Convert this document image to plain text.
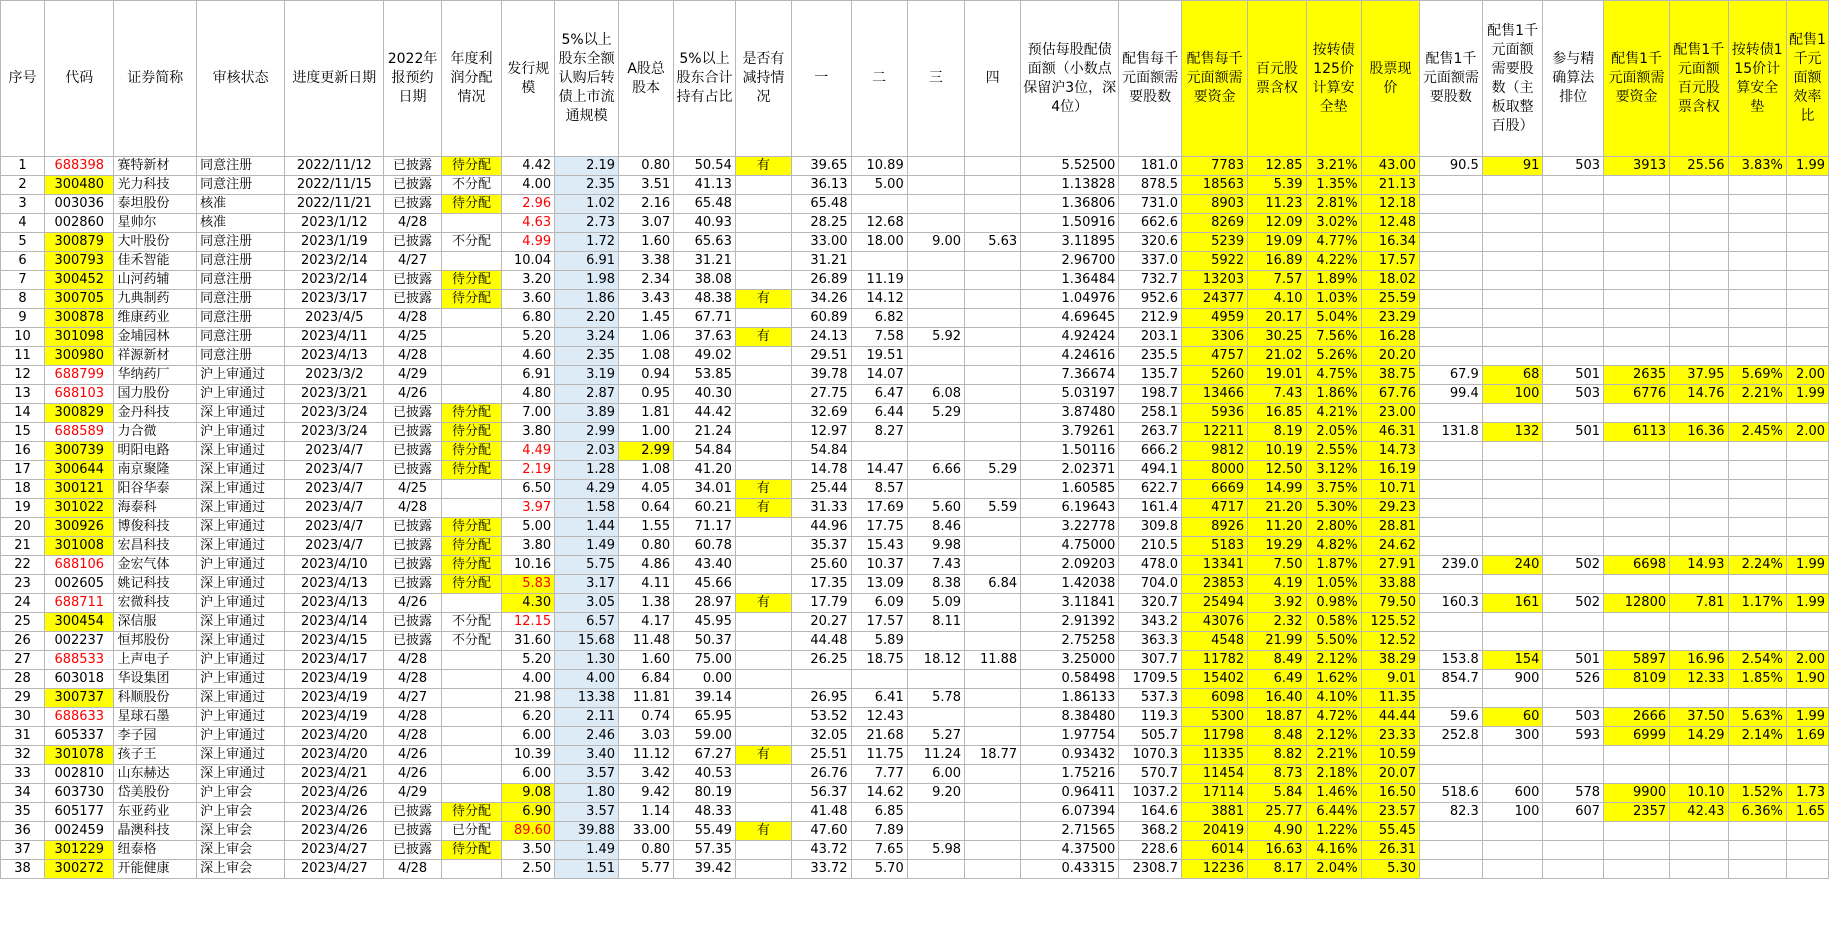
序号	代码	证券简称	审核状态	进度更新日期	2022年报预约日期	年度利润分配情况	发行规模	5%以上股东全额认购后转债上市流通规模	A股总股本	5%以上股东合计持有占比	是否有减持情况	一	二	三	四	预估每股配债面额（小数点保留沪3位，深4位）	配售每千元面额需要股数	配售每千元面额需要资金	百元股票含权	按转债125价计算安全垫	股票现价	配售1千元面额需要股数	配售1千元面额需要股数（主板取整百股）	参与精确算法排位	配售1千元面额需要资金	配售1千元面额百元股票含权	按转债115价计算安全垫	配售1千元面额效率比
1	688398	赛特新材	同意注册	2022/11/12	已披露	待分配	4.42	2.19	0.80	50.54	有	39.65	10.89			5.52500	181.0	7783	12.85	3.21%	43.00	90.5	91	503	3913	25.56	3.83%	1.99
2	300480	光力科技	同意注册	2022/11/15	已披露	不分配	4.00	2.35	3.51	41.13		36.13	5.00			1.13828	878.5	18563	5.39	1.35%	21.13							
3	003036	泰坦股份	核准	2022/11/21	已披露	待分配	2.96	1.02	2.16	65.48		65.48				1.36806	731.0	8903	11.23	2.81%	12.18							
4	002860	星帅尔	核准	2023/1/12	4/28		4.63	2.73	3.07	40.93		28.25	12.68			1.50916	662.6	8269	12.09	3.02%	12.48							
5	300879	大叶股份	同意注册	2023/1/19	已披露	不分配	4.99	1.72	1.60	65.63		33.00	18.00	9.00	5.63	3.11895	320.6	5239	19.09	4.77%	16.34							
6	300793	佳禾智能	同意注册	2023/2/14	4/27		10.04	6.91	3.38	31.21		31.21				2.96700	337.0	5922	16.89	4.22%	17.57							
7	300452	山河药辅	同意注册	2023/2/14	已披露	待分配	3.20	1.98	2.34	38.08		26.89	11.19			1.36484	732.7	13203	7.57	1.89%	18.02							
8	300705	九典制药	同意注册	2023/3/17	已披露	待分配	3.60	1.86	3.43	48.38	有	34.26	14.12			1.04976	952.6	24377	4.10	1.03%	25.59							
9	300878	维康药业	同意注册	2023/4/5	4/28		6.80	2.20	1.45	67.71		60.89	6.82			4.69645	212.9	4959	20.17	5.04%	23.29							
10	301098	金埔园林	同意注册	2023/4/11	4/25		5.20	3.24	1.06	37.63	有	24.13	7.58	5.92		4.92424	203.1	3306	30.25	7.56%	16.28							
11	300980	祥源新材	同意注册	2023/4/13	4/28		4.60	2.35	1.08	49.02		29.51	19.51			4.24616	235.5	4757	21.02	5.26%	20.20							
12	688799	华纳药厂	沪上审通过	2023/3/2	4/29		6.91	3.19	0.94	53.85		39.78	14.07			7.36674	135.7	5260	19.01	4.75%	38.75	67.9	68	501	2635	37.95	5.69%	2.00
13	688103	国力股份	沪上审通过	2023/3/21	4/26		4.80	2.87	0.95	40.30		27.75	6.47	6.08		5.03197	198.7	13466	7.43	1.86%	67.76	99.4	100	503	6776	14.76	2.21%	1.99
14	300829	金丹科技	深上审通过	2023/3/24	已披露	待分配	7.00	3.89	1.81	44.42		32.69	6.44	5.29		3.87480	258.1	5936	16.85	4.21%	23.00							
15	688589	力合微	沪上审通过	2023/3/24	已披露	待分配	3.80	2.99	1.00	21.24		12.97	8.27			3.79261	263.7	12211	8.19	2.05%	46.31	131.8	132	501	6113	16.36	2.45%	2.00
16	300739	明阳电路	深上审通过	2023/4/7	已披露	待分配	4.49	2.03	2.99	54.84		54.84				1.50116	666.2	9812	10.19	2.55%	14.73							
17	300644	南京聚隆	深上审通过	2023/4/7	已披露	待分配	2.19	1.28	1.08	41.20		14.78	14.47	6.66	5.29	2.02371	494.1	8000	12.50	3.12%	16.19							
18	300121	阳谷华泰	深上审通过	2023/4/7	4/25		6.50	4.29	4.05	34.01	有	25.44	8.57			1.60585	622.7	6669	14.99	3.75%	10.71							
19	301022	海泰科	深上审通过	2023/4/7	4/28		3.97	1.58	0.64	60.21	有	31.33	17.69	5.60	5.59	6.19643	161.4	4717	21.20	5.30%	29.23							
20	300926	博俊科技	深上审通过	2023/4/7	已披露	待分配	5.00	1.44	1.55	71.17		44.96	17.75	8.46		3.22778	309.8	8926	11.20	2.80%	28.81							
21	301008	宏昌科技	深上审通过	2023/4/7	已披露	待分配	3.80	1.49	0.80	60.78		35.37	15.43	9.98		4.75000	210.5	5183	19.29	4.82%	24.62							
22	688106	金宏气体	沪上审通过	2023/4/10	已披露	待分配	10.16	5.75	4.86	43.40		25.60	10.37	7.43		2.09203	478.0	13341	7.50	1.87%	27.91	239.0	240	502	6698	14.93	2.24%	1.99
23	002605	姚记科技	深上审通过	2023/4/13	已披露	待分配	5.83	3.17	4.11	45.66		17.35	13.09	8.38	6.84	1.42038	704.0	23853	4.19	1.05%	33.88							
24	688711	宏微科技	沪上审通过	2023/4/13	4/26		4.30	3.05	1.38	28.97	有	17.79	6.09	5.09		3.11841	320.7	25494	3.92	0.98%	79.50	160.3	161	502	12800	7.81	1.17%	1.99
25	300454	深信服	深上审通过	2023/4/14	已披露	不分配	12.15	6.57	4.17	45.95		20.27	17.57	8.11		2.91392	343.2	43076	2.32	0.58%	125.52							
26	002237	恒邦股份	深上审通过	2023/4/15	已披露	不分配	31.60	15.68	11.48	50.37		44.48	5.89			2.75258	363.3	4548	21.99	5.50%	12.52							
27	688533	上声电子	沪上审通过	2023/4/17	4/28		5.20	1.30	1.60	75.00		26.25	18.75	18.12	11.88	3.25000	307.7	11782	8.49	2.12%	38.29	153.8	154	501	5897	16.96	2.54%	2.00
28	603018	华设集团	沪上审通过	2023/4/19	4/28		4.00	4.00	6.84	0.00						0.58498	1709.5	15402	6.49	1.62%	9.01	854.7	900	526	8109	12.33	1.85%	1.90
29	300737	科顺股份	深上审通过	2023/4/19	4/27		21.98	13.38	11.81	39.14		26.95	6.41	5.78		1.86133	537.3	6098	16.40	4.10%	11.35							
30	688633	星球石墨	沪上审通过	2023/4/19	4/28		6.20	2.11	0.74	65.95		53.52	12.43			8.38480	119.3	5300	18.87	4.72%	44.44	59.6	60	503	2666	37.50	5.63%	1.99
31	605337	李子园	沪上审通过	2023/4/20	4/28		6.00	2.46	3.03	59.00		32.05	21.68	5.27		1.97754	505.7	11798	8.48	2.12%	23.33	252.8	300	593	6999	14.29	2.14%	1.69
32	301078	孩子王	深上审通过	2023/4/20	4/26		10.39	3.40	11.12	67.27	有	25.51	11.75	11.24	18.77	0.93432	1070.3	11335	8.82	2.21%	10.59							
33	002810	山东赫达	深上审通过	2023/4/21	4/26		6.00	3.57	3.42	40.53		26.76	7.77	6.00		1.75216	570.7	11454	8.73	2.18%	20.07							
34	603730	岱美股份	沪上审会	2023/4/26	4/29		9.08	1.80	9.42	80.19		56.37	14.62	9.20		0.96411	1037.2	17114	5.84	1.46%	16.50	518.6	600	578	9900	10.10	1.52%	1.73
35	605177	东亚药业	沪上审会	2023/4/26	已披露	待分配	6.90	3.57	1.14	48.33		41.48	6.85			6.07394	164.6	3881	25.77	6.44%	23.57	82.3	100	607	2357	42.43	6.36%	1.65
36	002459	晶澳科技	深上审会	2023/4/26	已披露	已分配	89.60	39.88	33.00	55.49	有	47.60	7.89			2.71565	368.2	20419	4.90	1.22%	55.45							
37	301229	纽泰格	深上审会	2023/4/27	已披露	待分配	3.50	1.49	0.80	57.35		43.72	7.65	5.98		4.37500	228.6	6014	16.63	4.16%	26.31							
38	300272	开能健康	深上审会	2023/4/27	4/28		2.50	1.51	5.77	39.42		33.72	5.70			0.43315	2308.7	12236	8.17	2.04%	5.30							
